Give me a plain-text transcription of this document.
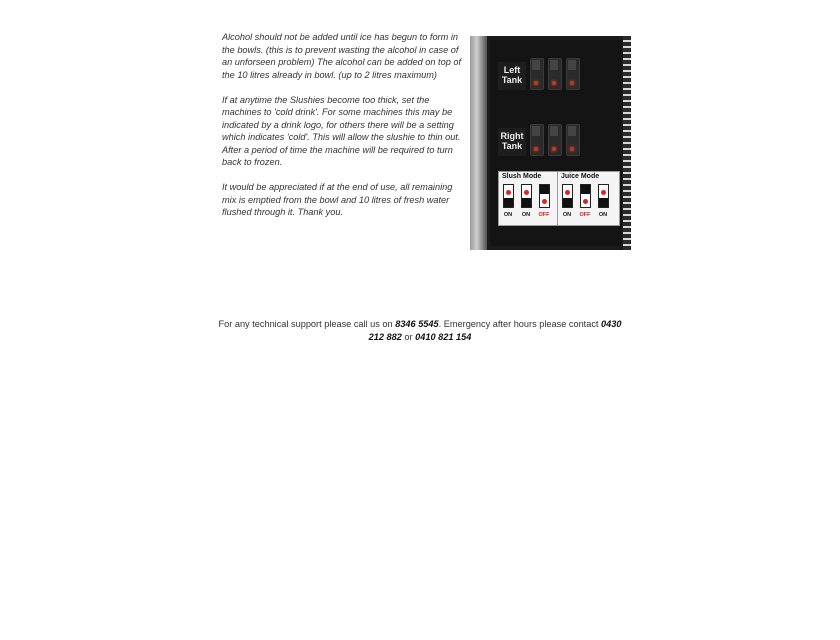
Alcohol should not be added until ice has begun to form in the bowls. (this is to prevent wasting the alcohol in case of an unforseen problem) The alcohol can be added on top of the 10 litres already in bowl. (up to 2 litres maximum)

If at anytime the Slushies become too thick, set the machines to 'cold drink'. For some machines this may be indicated by a drink logo, for others there will be a setting which indicates 'cold'. This will allow the slushie to thin out. After a period of time the machine will be required to turn back to frozen.

It would be appreciated if at the end of use, all remaining mix is emptied from the bowl and 10 litres of fresh water flushed through it. Thank you.

Left Tank
Right Tank
Slush Mode
ON	ON	OFF
Juice Mode
ON	OFF	ON
For any technical support please call us on 8346 5545. Emergency after hours please contact 0430 212 882 or 0410 821 154
